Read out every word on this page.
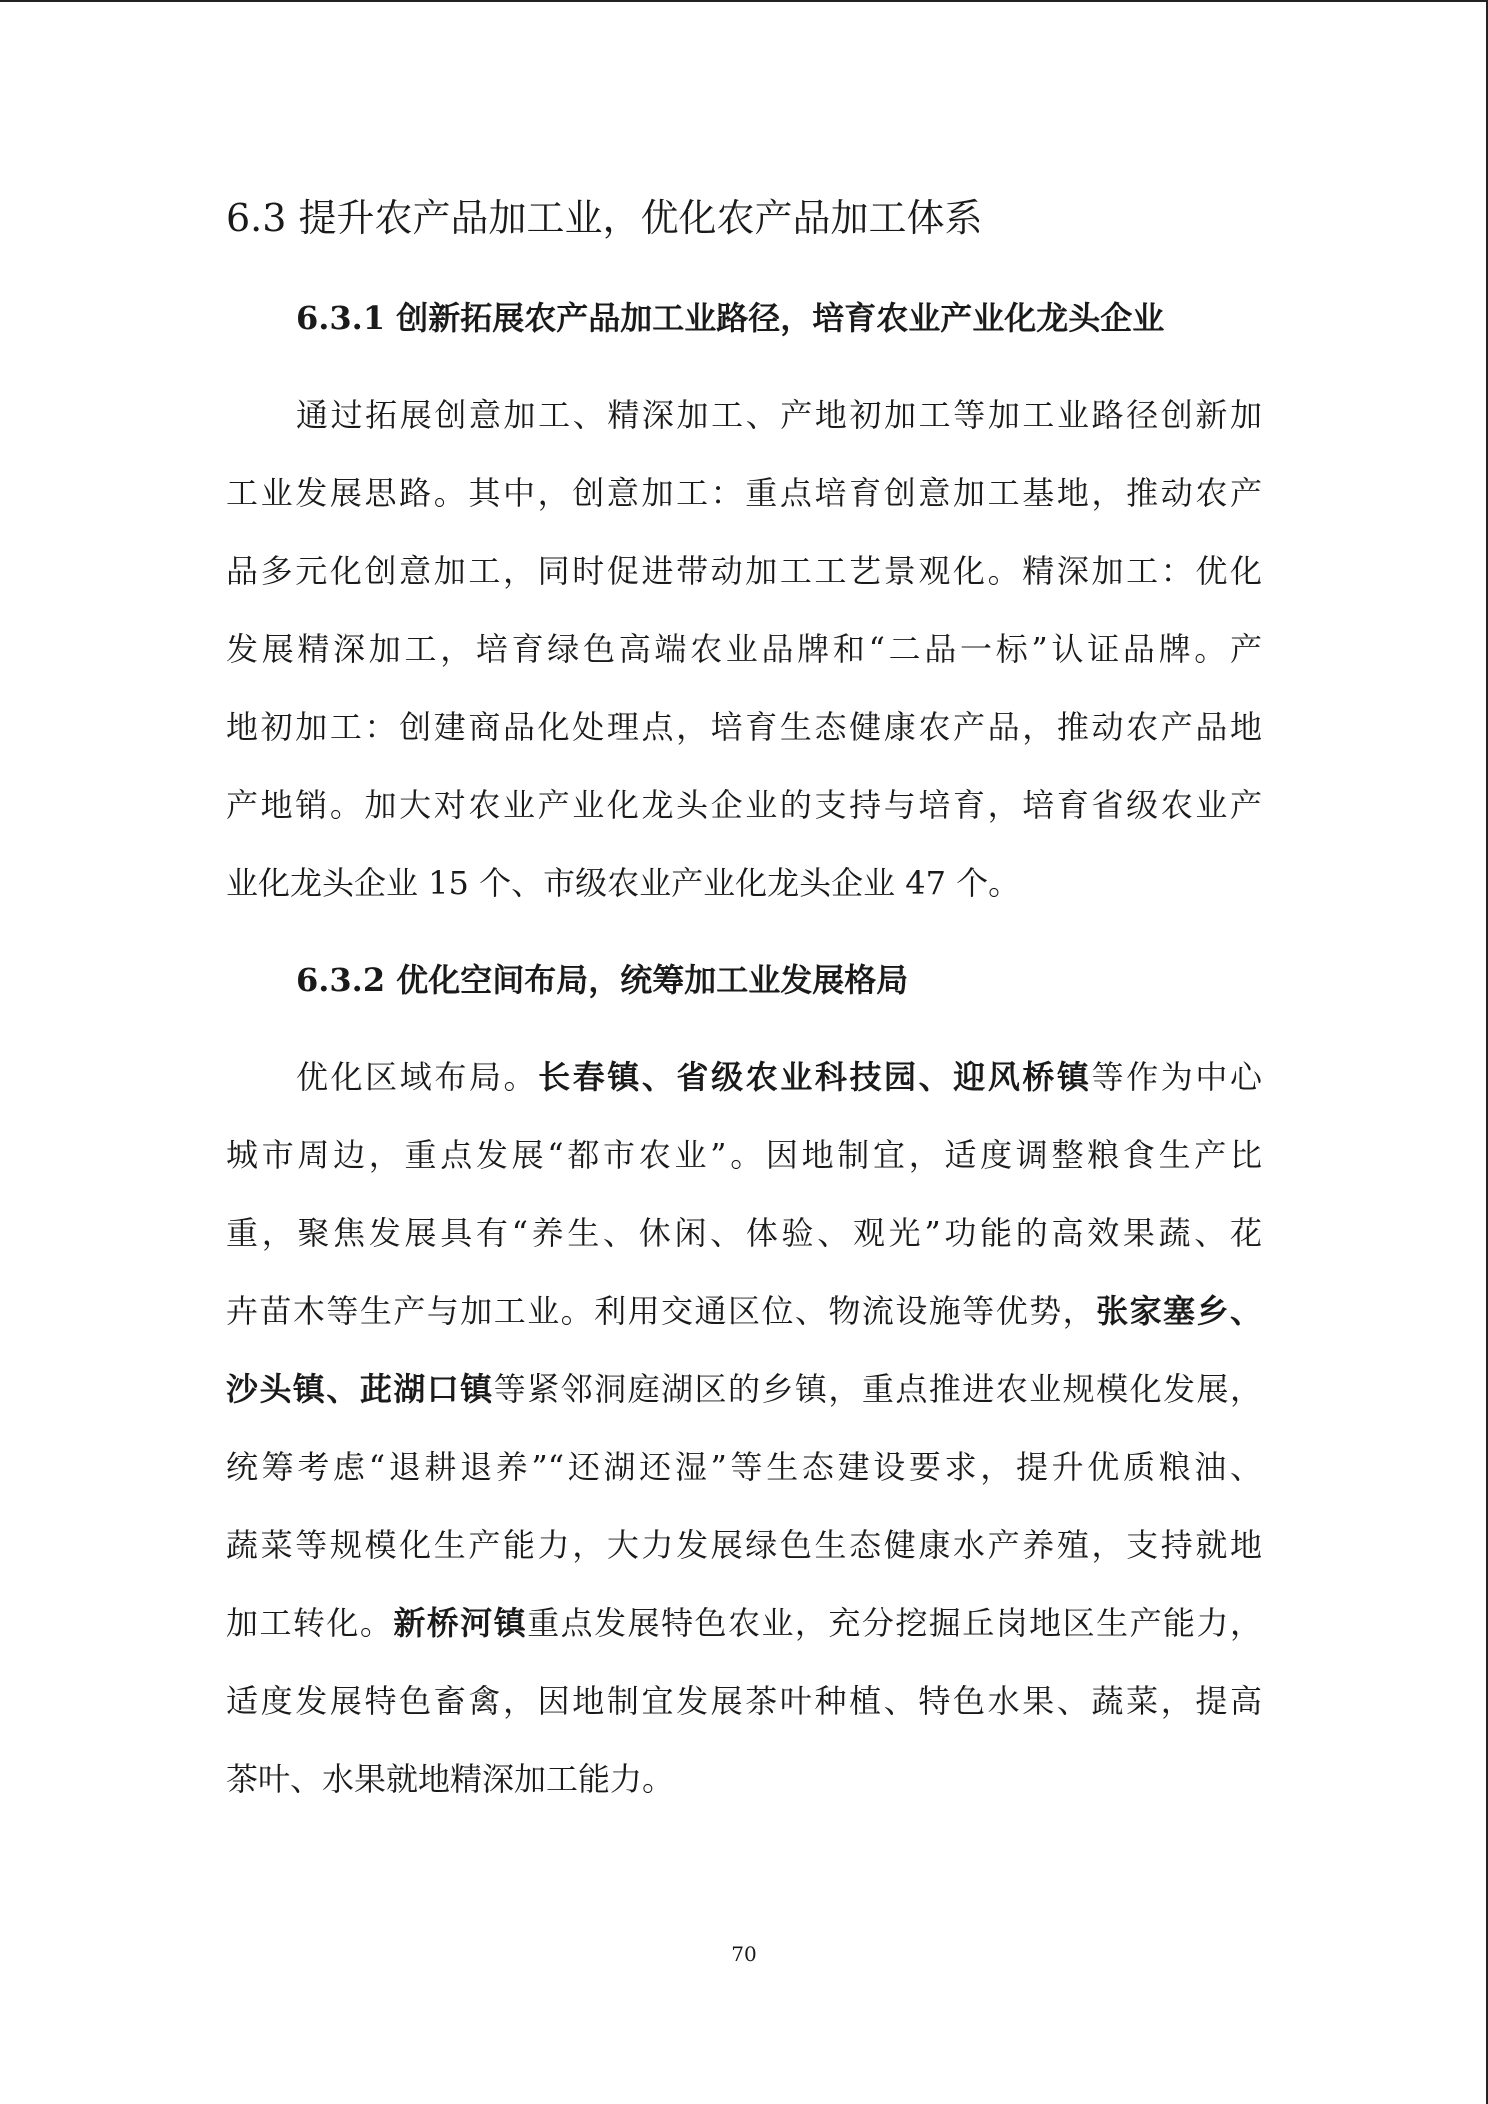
6.3 提升农产品加工业，优化农产品加工体系
6.3.1 创新拓展农产品加工业路径，培育农业产业化龙头企业
通过拓展创意加工、精深加工、产地初加工等加工业路径创新加
工业发展思路。其中，创意加工：重点培育创意加工基地，推动农产
品多元化创意加工，同时促进带动加工工艺景观化。精深加工：优化
发展精深加工，培育绿色高端农业品牌和“二品一标”认证品牌。产
地初加工：创建商品化处理点，培育生态健康农产品，推动农产品地
产地销。加大对农业产业化龙头企业的支持与培育，培育省级农业产
业化龙头企业 15 个、市级农业产业化龙头企业 47 个。
6.3.2 优化空间布局，统筹加工业发展格局
优化区域布局。长春镇、省级农业科技园、迎风桥镇等作为中心
城市周边，重点发展“都市农业”。因地制宜，适度调整粮食生产比
重，聚焦发展具有“养生、休闲、体验、观光”功能的高效果蔬、花
卉苗木等生产与加工业。利用交通区位、物流设施等优势，张家塞乡、
沙头镇、茈湖口镇等紧邻洞庭湖区的乡镇，重点推进农业规模化发展，
统筹考虑“退耕退养”“还湖还湿”等生态建设要求，提升优质粮油、
蔬菜等规模化生产能力，大力发展绿色生态健康水产养殖，支持就地
加工转化。新桥河镇重点发展特色农业，充分挖掘丘岗地区生产能力，
适度发展特色畜禽，因地制宜发展茶叶种植、特色水果、蔬菜，提高
茶叶、水果就地精深加工能力。
70
